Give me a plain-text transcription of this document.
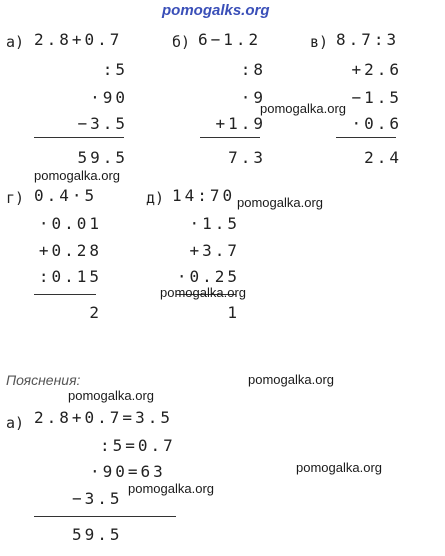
pomogalks.org
а) 2.8+0.7
:5
·90
−3.5
59.5
б) 6−1.2
:8
·9
+1.9
7.3
в) 8.7:3
+2.6
−1.5
·0.6
2.4
г) 0.4·5
·0.01
+0.28
:0.15
2
д) 14:70
·1.5
+3.7
·0.25
1
Пояснения:
а) 2.8+0.7=3.5
:5=0.7
·90=63
−3.5
59.5
pomogalka.org
pomogalka.org
pomogalka.org
pomogalka.org
pomogalka.org
pomogalka.org
pomogalka.org
pomogalka.org
